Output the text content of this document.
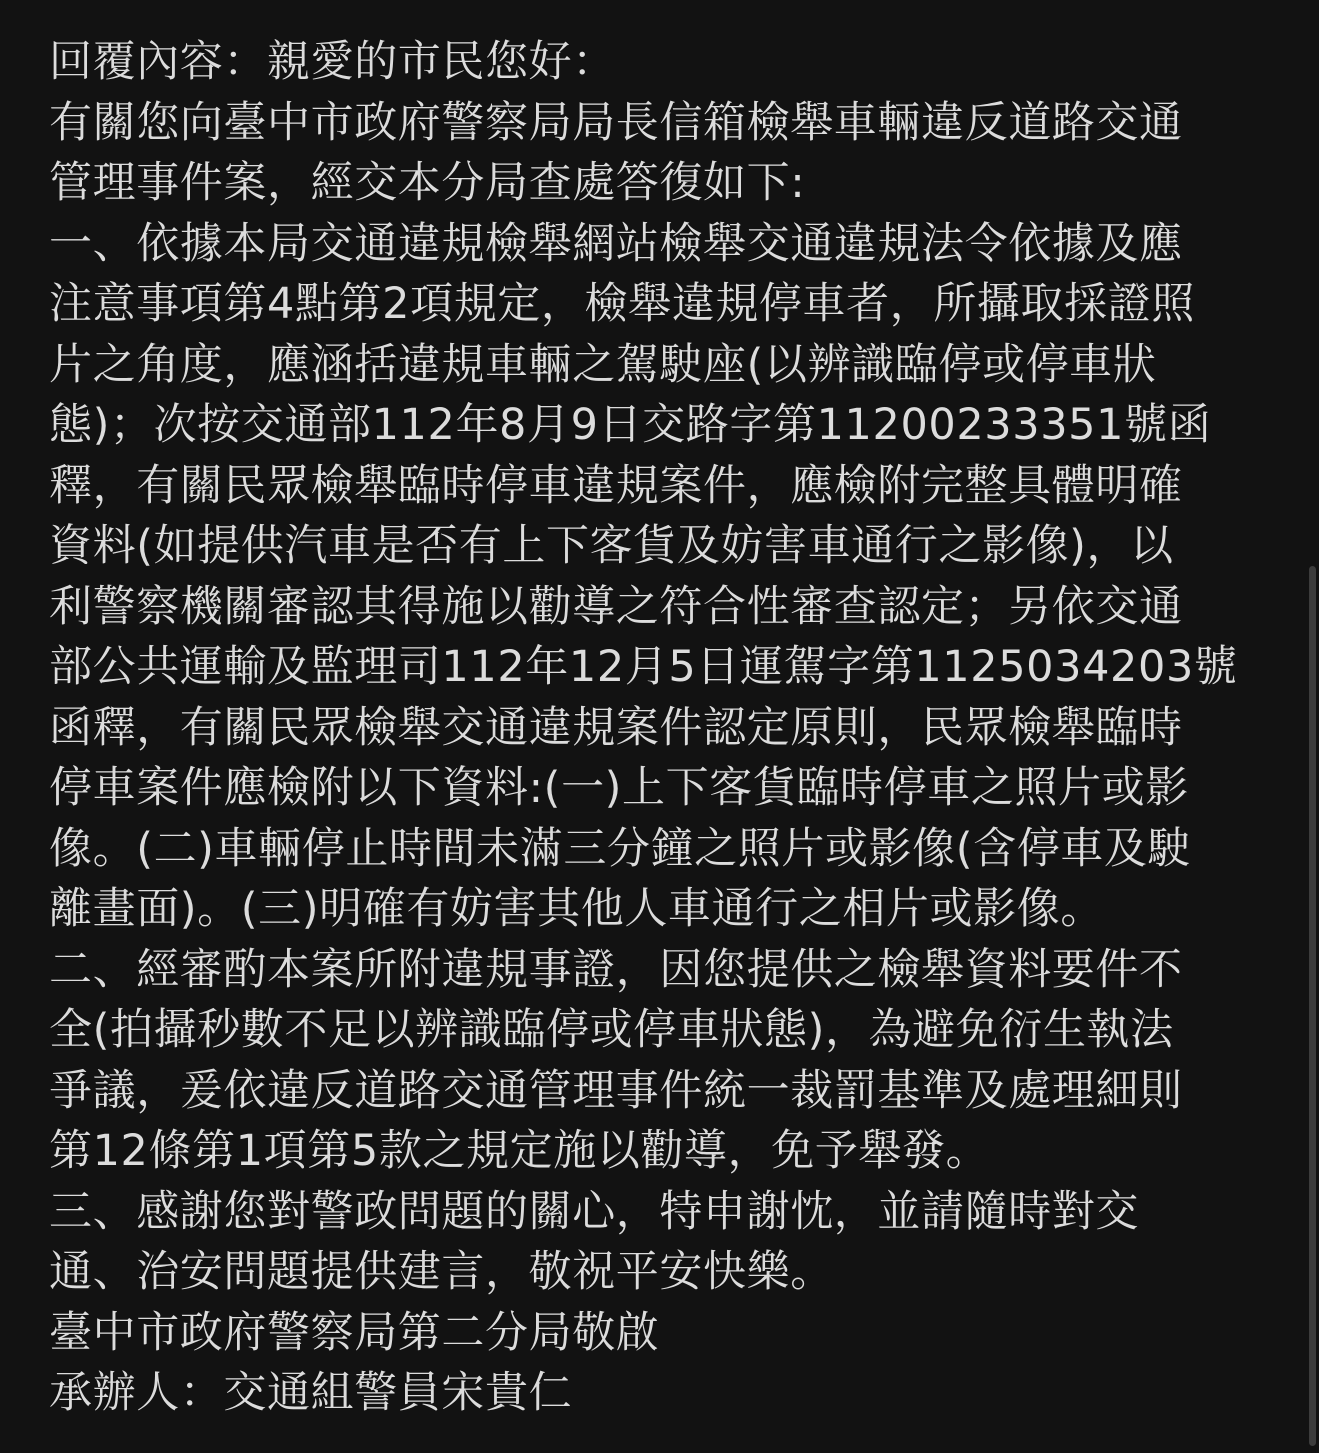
回覆內容：親愛的市民您好：
有關您向臺中市政府警察局局長信箱檢舉車輛違反道路交通
管理事件案，經交本分局查處答復如下:
一、依據本局交通違規檢舉網站檢舉交通違規法令依據及應
注意事項第4點第2項規定，檢舉違規停車者，所攝取採證照
片之角度，應涵括違規車輛之駕駛座(以辨識臨停或停車狀
態)；次按交通部112年8月9日交路字第11200233351號函
釋，有關民眾檢舉臨時停車違規案件，應檢附完整具體明確
資料(如提供汽車是否有上下客貨及妨害車通行之影像)，以
利警察機關審認其得施以勸導之符合性審查認定；另依交通
部公共運輸及監理司112年12月5日運駕字第1125034203號
函釋，有關民眾檢舉交通違規案件認定原則，民眾檢舉臨時
停車案件應檢附以下資料:(一)上下客貨臨時停車之照片或影
像。(二)車輛停止時間未滿三分鐘之照片或影像(含停車及駛
離畫面)。(三)明確有妨害其他人車通行之相片或影像。
二、經審酌本案所附違規事證，因您提供之檢舉資料要件不
全(拍攝秒數不足以辨識臨停或停車狀態)，為避免衍生執法
爭議，爰依違反道路交通管理事件統一裁罰基準及處理細則
第12條第1項第5款之規定施以勸導，免予舉發。
三、感謝您對警政問題的關心，特申謝忱，並請隨時對交
通、治安問題提供建言，敬祝平安快樂。
臺中市政府警察局第二分局敬啟
承辦人：交通組警員宋貴仁
